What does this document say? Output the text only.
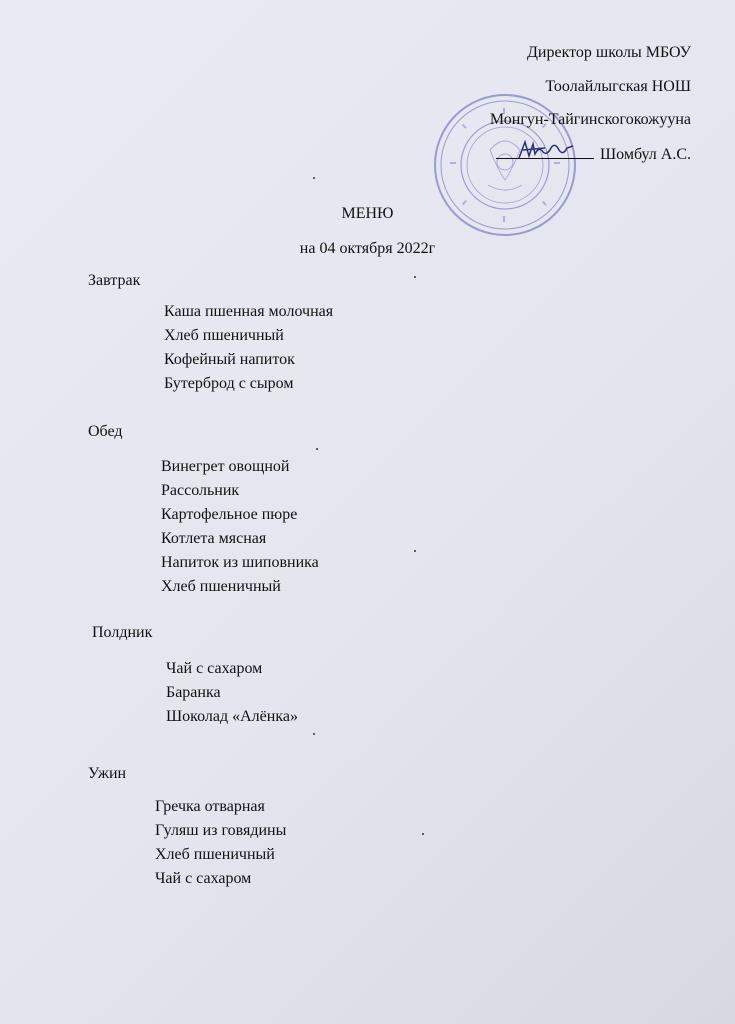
Директор школы МБОУ
Тоолайлыгская НОШ
Монгун-Тайгинскогокожууна
Шомбул А.С.
МЕНЮ
на 04 октября 2022г
Завтрак
Каша пшенная молочная
Хлеб пшеничный
Кофейный напиток
Бутерброд с сыром
Обед
Винегрет овощной
Рассольник
Картофельное пюре
Котлета мясная
Напиток из шиповника
Хлеб пшеничный
Полдник
Чай с сахаром
Баранка
Шоколад «Алёнка»
Ужин
Гречка отварная
Гуляш из говядины
Хлеб пшеничный
Чай с сахаром
